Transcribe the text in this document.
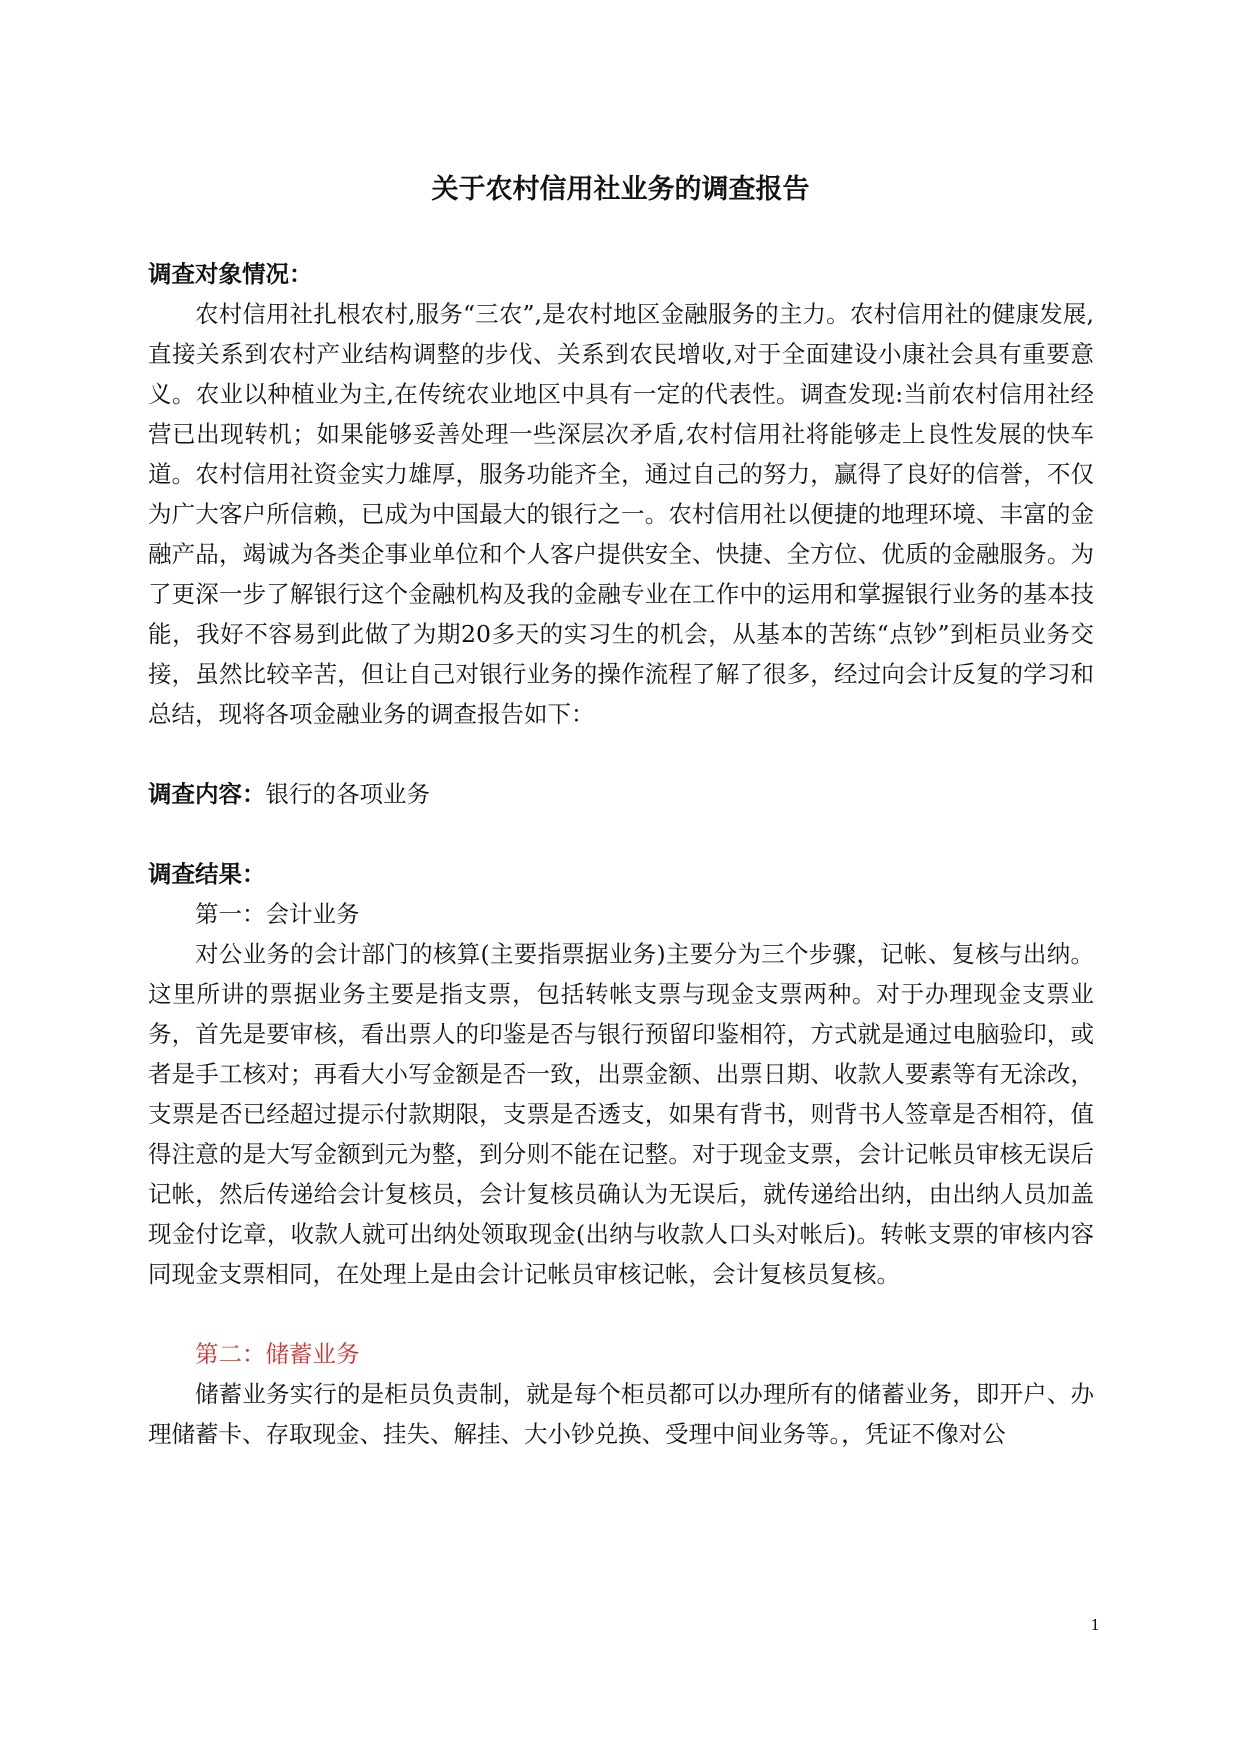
关于农村信用社业务的调查报告

调查对象情况：

农村信用社扎根农村,服务“三农”,是农村地区金融服务的主力。农村信用社的健康发展,直接关系到农村产业结构调整的步伐、关系到农民增收,对于全面建设小康社会具有重要意义。农业以种植业为主,在传统农业地区中具有一定的代表性。调查发现:当前农村信用社经营已出现转机；如果能够妥善处理一些深层次矛盾,农村信用社将能够走上良性发展的快车道。农村信用社资金实力雄厚，服务功能齐全，通过自己的努力，赢得了良好的信誉，不仅为广大客户所信赖，已成为中国最大的银行之一。农村信用社以便捷的地理环境、丰富的金融产品，竭诚为各类企事业单位和个人客户提供安全、快捷、全方位、优质的金融服务。为了更深一步了解银行这个金融机构及我的金融专业在工作中的运用和掌握银行业务的基本技能，我好不容易到此做了为期20多天的实习生的机会，从基本的苦练“点钞”到柜员业务交接，虽然比较辛苦，但让自己对银行业务的操作流程了解了很多，经过向会计反复的学习和总结，现将各项金融业务的调查报告如下：

调查内容：银行的各项业务

调查结果：

第一：会计业务

对公业务的会计部门的核算(主要指票据业务)主要分为三个步骤，记帐、复核与出纳。这里所讲的票据业务主要是指支票，包括转帐支票与现金支票两种。对于办理现金支票业务，首先是要审核，看出票人的印鉴是否与银行预留印鉴相符，方式就是通过电脑验印，或者是手工核对；再看大小写金额是否一致，出票金额、出票日期、收款人要素等有无涂改，支票是否已经超过提示付款期限，支票是否透支，如果有背书，则背书人签章是否相符，值得注意的是大写金额到元为整，到分则不能在记整。对于现金支票，会计记帐员审核无误后记帐，然后传递给会计复核员，会计复核员确认为无误后，就传递给出纳，由出纳人员加盖现金付讫章，收款人就可出纳处领取现金(出纳与收款人口头对帐后)。转帐支票的审核内容同现金支票相同，在处理上是由会计记帐员审核记帐，会计复核员复核。

第二：储蓄业务

储蓄业务实行的是柜员负责制，就是每个柜员都可以办理所有的储蓄业务，即开户、办理储蓄卡、存取现金、挂失、解挂、大小钞兑换、受理中间业务等。，凭证不像对公

1
